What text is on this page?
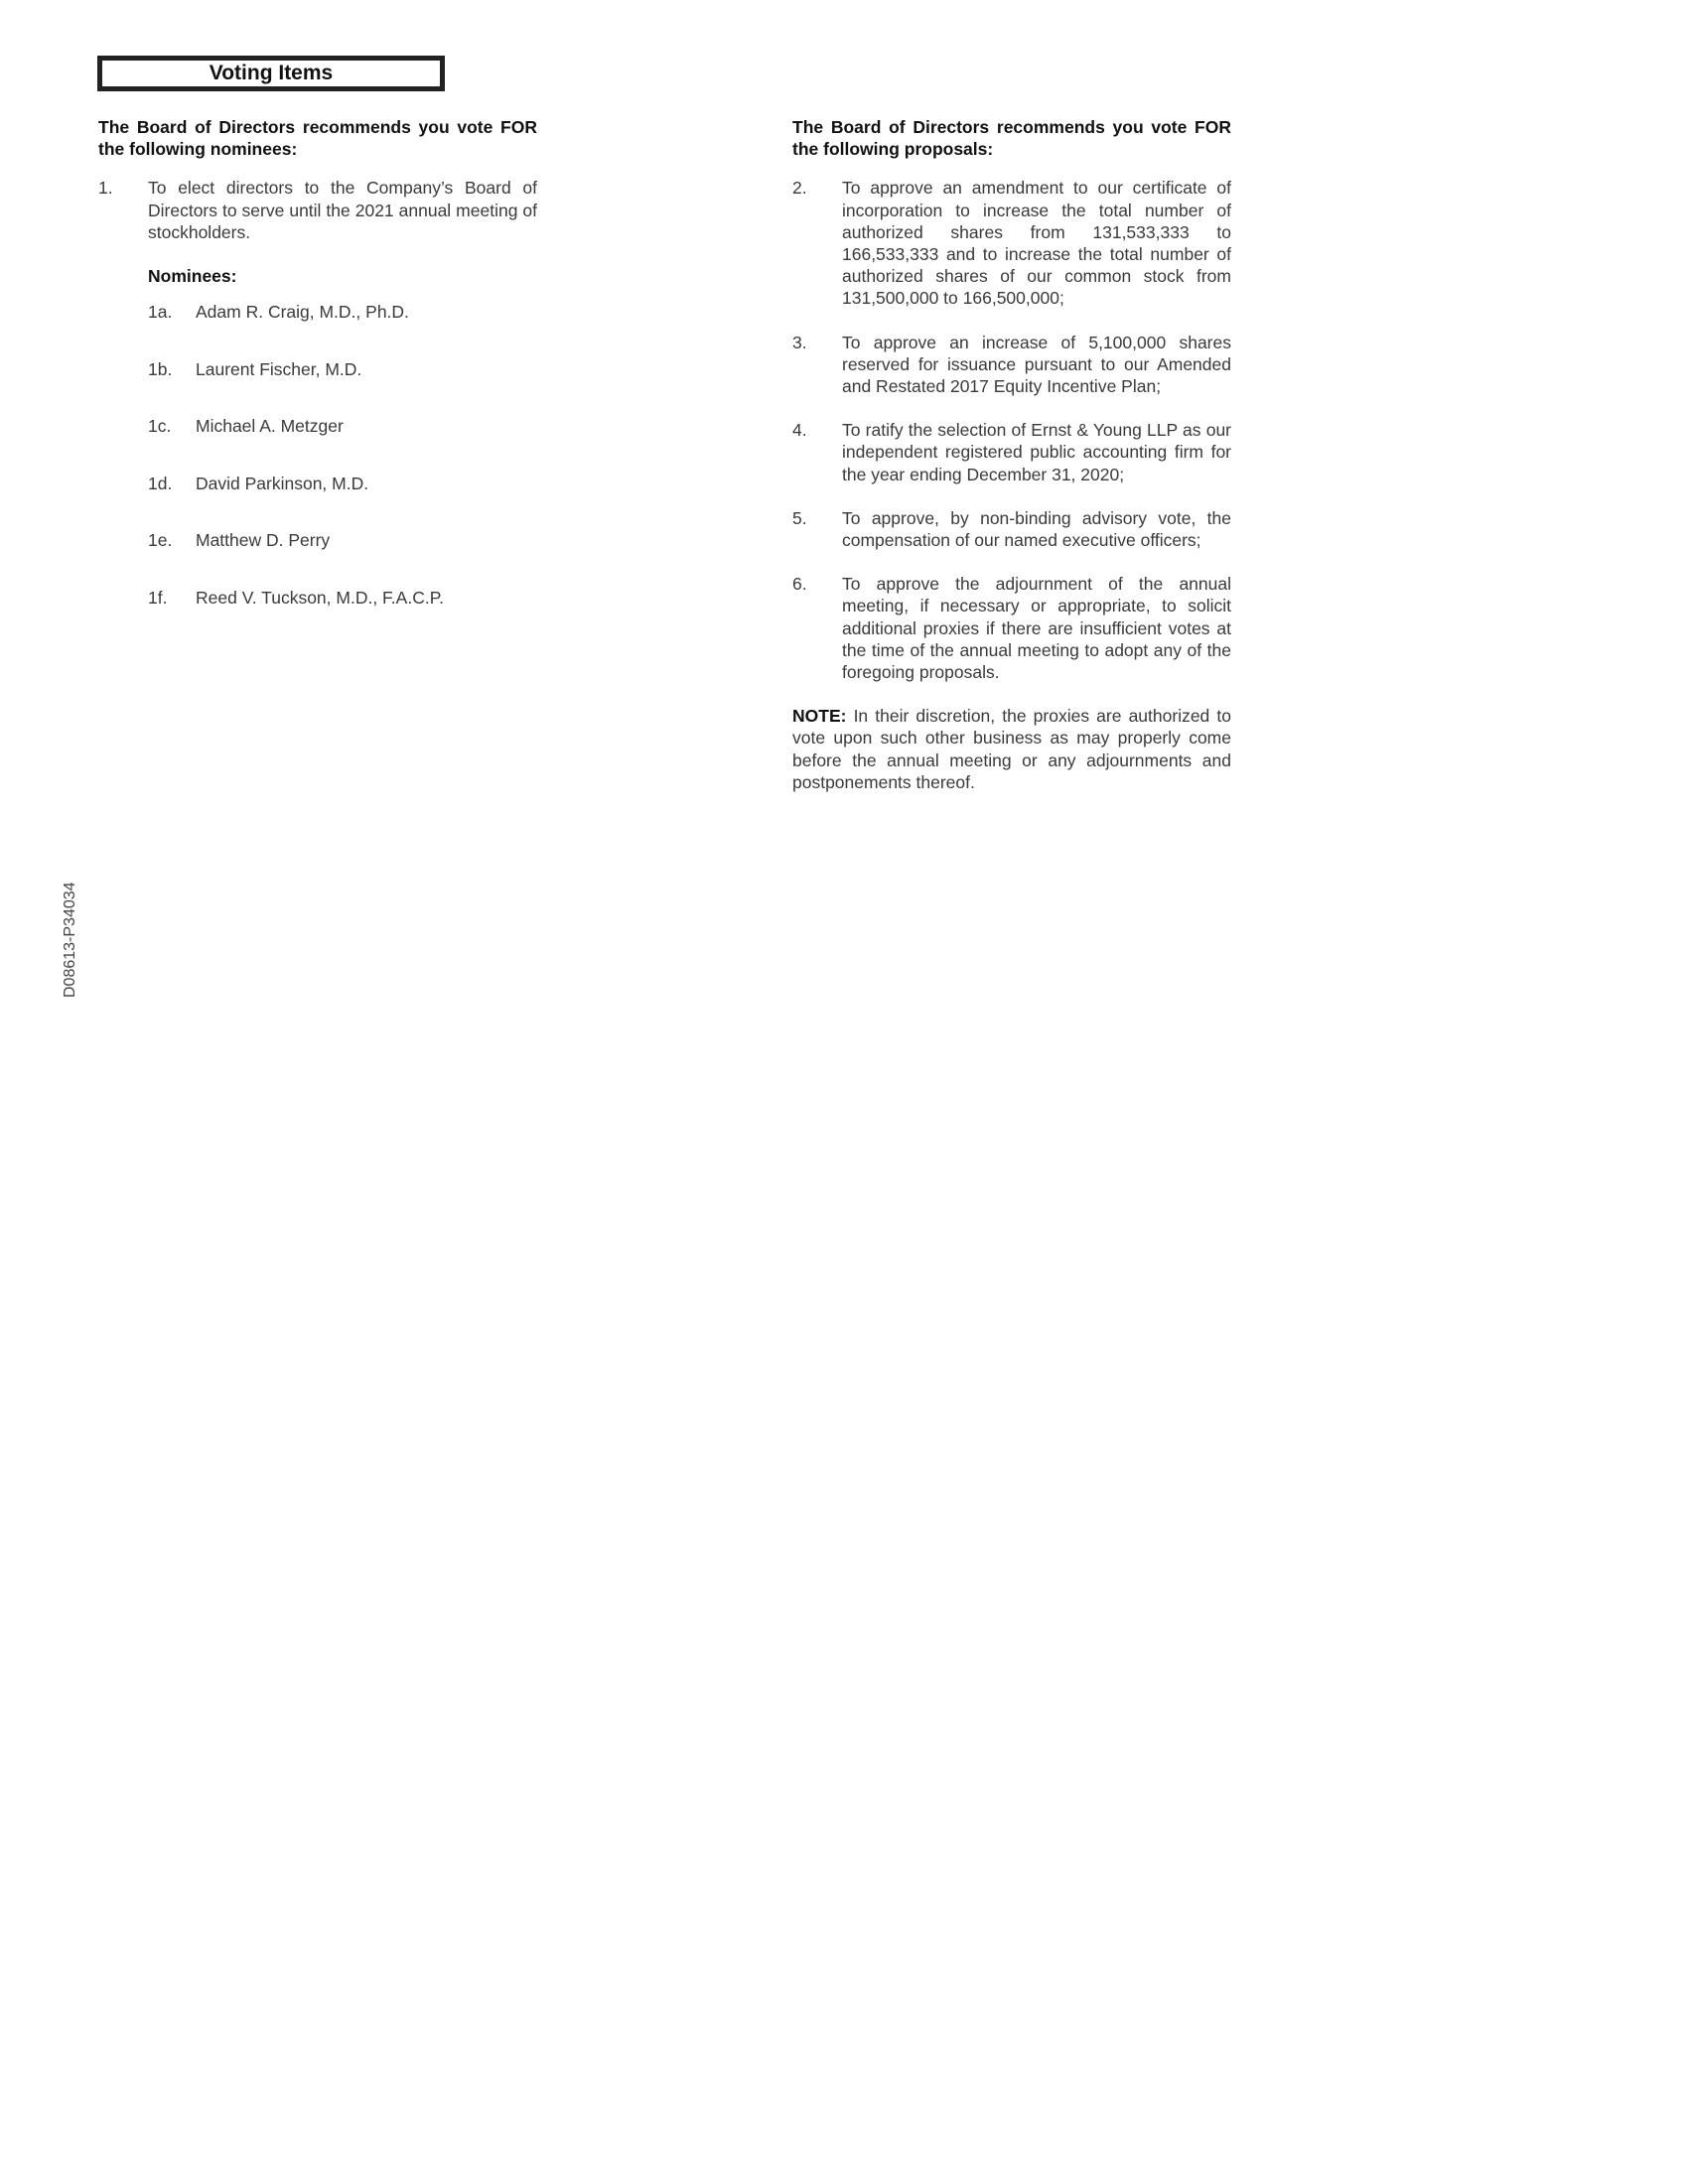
Voting Items
The Board of Directors recommends you vote FOR the following nominees:
1.	To elect directors to the Company’s Board of Directors to serve until the 2021 annual meeting of stockholders.
Nominees:
1a.	Adam R. Craig, M.D., Ph.D.
1b.	Laurent Fischer, M.D.
1c.	Michael A. Metzger
1d.	David Parkinson, M.D.
1e.	Matthew D. Perry
1f.	Reed V. Tuckson, M.D., F.A.C.P.
The Board of Directors recommends you vote FOR the following proposals:
2.	To approve an amendment to our certificate of incorporation to increase the total number of authorized shares from 131,533,333 to 166,533,333 and to increase the total number of authorized shares of our common stock from 131,500,000 to 166,500,000;
3.	To approve an increase of 5,100,000 shares reserved for issuance pursuant to our Amended and Restated 2017 Equity Incentive Plan;
4.	To ratify the selection of Ernst & Young LLP as our independent registered public accounting firm for the year ending December 31, 2020;
5.	To approve, by non-binding advisory vote, the compensation of our named executive officers;
6.	To approve the adjournment of the annual meeting, if necessary or appropriate, to solicit additional proxies if there are insufficient votes at the time of the annual meeting to adopt any of the foregoing proposals.
NOTE: In their discretion, the proxies are authorized to vote upon such other business as may properly come before the annual meeting or any adjournments and postponements thereof.
D08613-P34034
